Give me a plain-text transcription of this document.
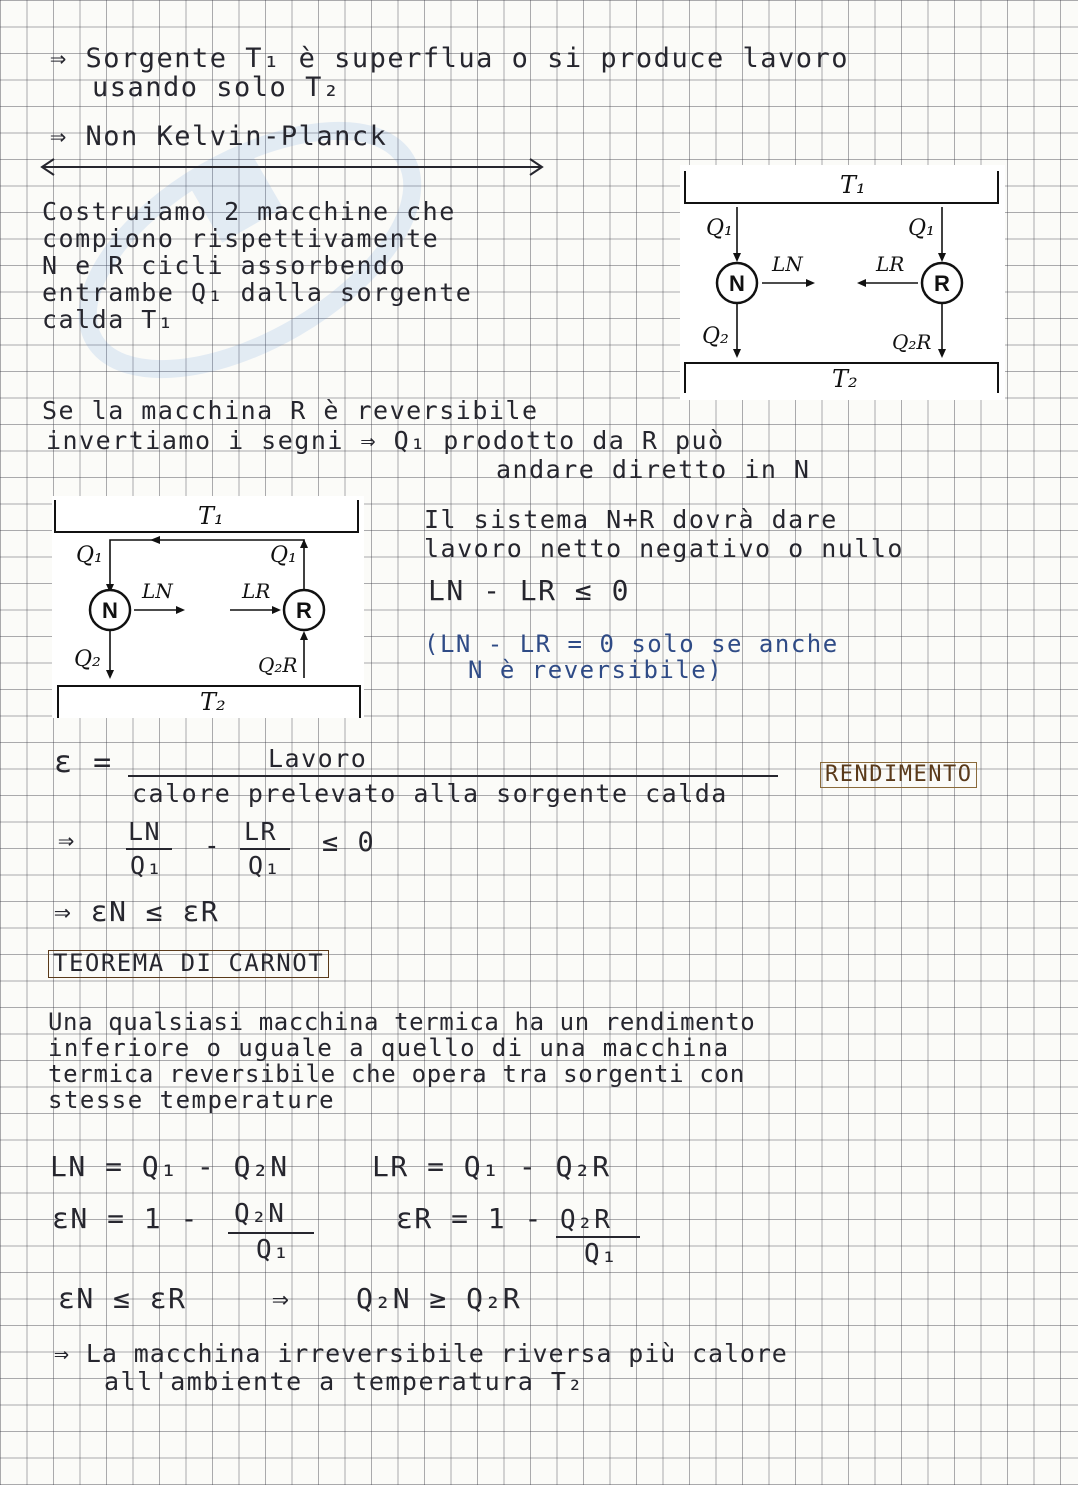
⇒ Sorgente T₁ è superflua o si produce lavoro
usando solo T₂
⇒ Non Kelvin-Planck
Costruiamo 2 macchine che
compiono rispettivamente
N e R cicli assorbendo
entrambe Q₁ dalla sorgente
calda T₁
T₁
T₂
N	R
Q₁	Q₁
Q₂	Q₂R
LN	LR
Se la macchina R è reversibile
invertiamo i segni ⇒ Q₁ prodotto da R può
andare diretto in N
T₁
T₂
Q₁	Q₁
N	R
Q₂	Q₂R
LN	LR
Il sistema N+R dovrà dare
lavoro netto negativo o nullo
LN - LR ≤ 0
(LN - LR = 0 solo se anche
N è reversibile)
ε =	Lavoro
calore prelevato alla sorgente calda
RENDIMENTO
⇒ LN
Q₁
- LR
Q₁
≤ 0
⇒ εN ≤ εR
TEOREMA DI CARNOT
Una qualsiasi macchina termica ha un rendimento
inferiore o uguale a quello di una macchina
termica reversibile che opera tra sorgenti con
stesse temperature
LN = Q₁ - Q₂N	LR = Q₁ - Q₂R
εN = 1 - Q₂N
Q₁
εR = 1 - Q₂R
Q₁
εN ≤ εR	⇒ Q₂N ≥ Q₂R
⇒ La macchina irreversibile riversa più calore
all'ambiente a temperatura T₂
